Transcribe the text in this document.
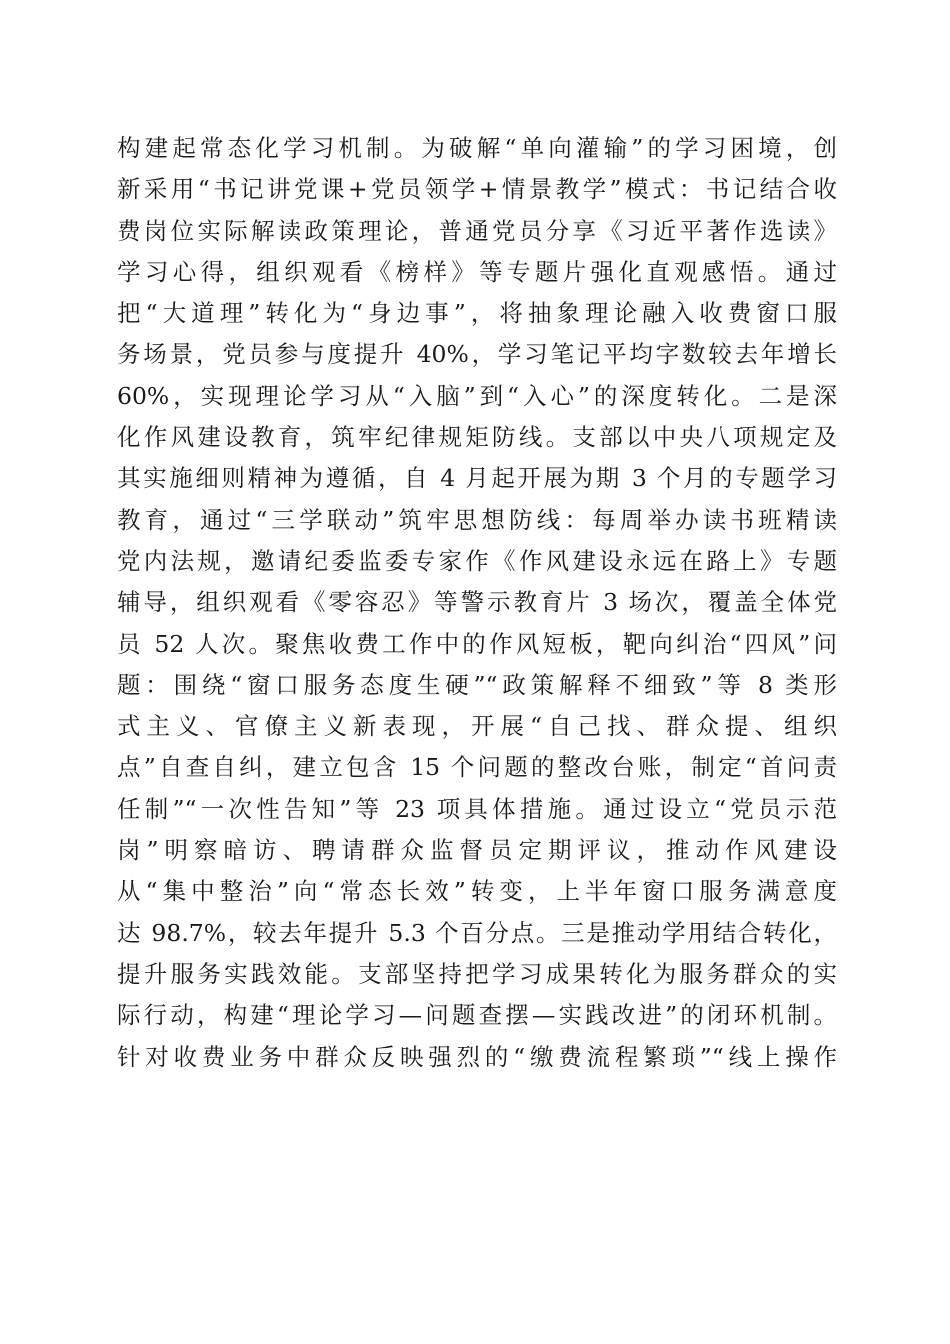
构建起常态化学习机制。为破解“单向灌输”的学习困境，创
新采用“书记讲党课+党员领学+情景教学”模式：书记结合收
费岗位实际解读政策理论，普通党员分享《习近平著作选读》
学习心得，组织观看《榜样》等专题片强化直观感悟。通过
把“大道理”转化为“身边事”，将抽象理论融入收费窗口服
务场景，党员参与度提升 40%，学习笔记平均字数较去年增长
60%，实现理论学习从“入脑”到“入心”的深度转化。二是深
化作风建设教育，筑牢纪律规矩防线。支部以中央八项规定及
其实施细则精神为遵循，自 4 月起开展为期 3 个月的专题学习
教育，通过“三学联动”筑牢思想防线：每周举办读书班精读
党内法规，邀请纪委监委专家作《作风建设永远在路上》专题
辅导，组织观看《零容忍》等警示教育片 3 场次，覆盖全体党
员 52 人次。聚焦收费工作中的作风短板，靶向纠治“四风”问
题：围绕“窗口服务态度生硬”“政策解释不细致”等 8 类形
式主义、官僚主义新表现，开展“自己找、群众提、组织
点”自查自纠，建立包含 15 个问题的整改台账，制定“首问责
任制”“一次性告知”等 23 项具体措施。通过设立“党员示范
岗”明察暗访、聘请群众监督员定期评议，推动作风建设
从“集中整治”向“常态长效”转变，上半年窗口服务满意度
达 98.7%，较去年提升 5.3 个百分点。三是推动学用结合转化，
提升服务实践效能。支部坚持把学习成果转化为服务群众的实
际行动，构建“理论学习—问题查摆—实践改进”的闭环机制。
针对收费业务中群众反映强烈的“缴费流程繁琐”“线上操作
